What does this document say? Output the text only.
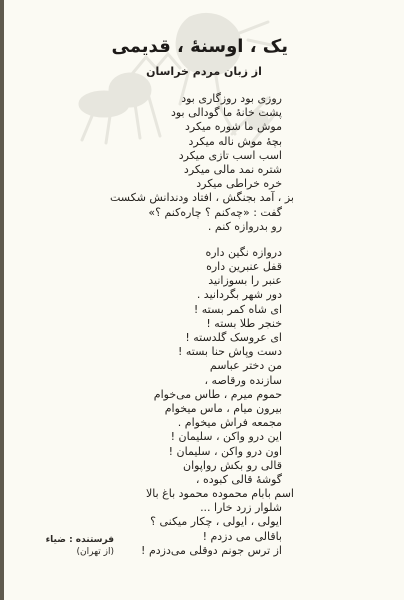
یک ، اوسنهٔ ، قدیمی
از زبان مردم خراسان
روزی بود روزگاری بود
پشت خانهٔ ما گودالی بود
موش ما شوره میکرد
بچهٔ موش ناله میکرد
اسب اسب تازی میکرد
شتره نمد مالی میکرد
خره خراطی میکرد
بز ، آمد بجنگش ، افتاد ودندانش شکست
گفت : «چه‌کنم ؟ چاره‌کنم ؟»
رو بدروازه کنم .
دروازه نگین داره
قفل عنبرین داره
عنبر را بسوزانید
دور شهر بگردانید .
ای شاه کمر بسته !
خنجر طلا بسته !
ای عروسک گلدسته !
دست وپاش حنا بسته !
من دختر عباسم
سازنده ورقاصه ،
حموم میرم ، طاس می‌خوام
بیرون میام ، ماس میخوام
مجمعه فراش میخوام .
این درو واکن ، سلیمان !
اون درو واکن ، سلیمان !
قالی رو بکش رواپوان
گوشهٔ قالی کبوده ،
اسم بابام محموده محمود باغ بالا
شلوار زرد خارا ...
ایولی ، ایولی ، چکار میکنی ؟
باقالی می دزدم !
از ترس جونم دوقلی می‌دزدم !
فرستنده : ضیاء
(از تهران)
